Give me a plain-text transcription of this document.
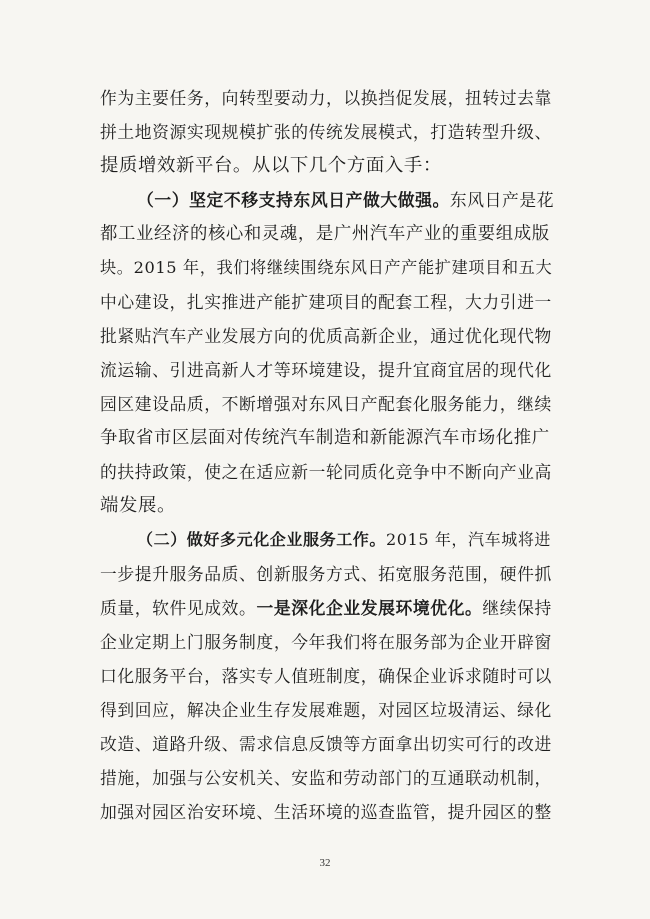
作为主要任务，向转型要动力，以换挡促发展，扭转过去靠
拼土地资源实现规模扩张的传统发展模式，打造转型升级、
提质增效新平台。从以下几个方面入手：
（一）坚定不移支持东风日产做大做强。东风日产是花
都工业经济的核心和灵魂，是广州汽车产业的重要组成版
块。2015 年，我们将继续围绕东风日产产能扩建项目和五大
中心建设，扎实推进产能扩建项目的配套工程，大力引进一
批紧贴汽车产业发展方向的优质高新企业，通过优化现代物
流运输、引进高新人才等环境建设，提升宜商宜居的现代化
园区建设品质，不断增强对东风日产配套化服务能力，继续
争取省市区层面对传统汽车制造和新能源汽车市场化推广
的扶持政策，使之在适应新一轮同质化竞争中不断向产业高
端发展。
（二）做好多元化企业服务工作。2015 年，汽车城将进
一步提升服务品质、创新服务方式、拓宽服务范围，硬件抓
质量，软件见成效。一是深化企业发展环境优化。继续保持
企业定期上门服务制度，今年我们将在服务部为企业开辟窗
口化服务平台，落实专人值班制度，确保企业诉求随时可以
得到回应，解决企业生存发展难题，对园区垃圾清运、绿化
改造、道路升级、需求信息反馈等方面拿出切实可行的改进
措施，加强与公安机关、安监和劳动部门的互通联动机制，
加强对园区治安环境、生活环境的巡查监管，提升园区的整
32
